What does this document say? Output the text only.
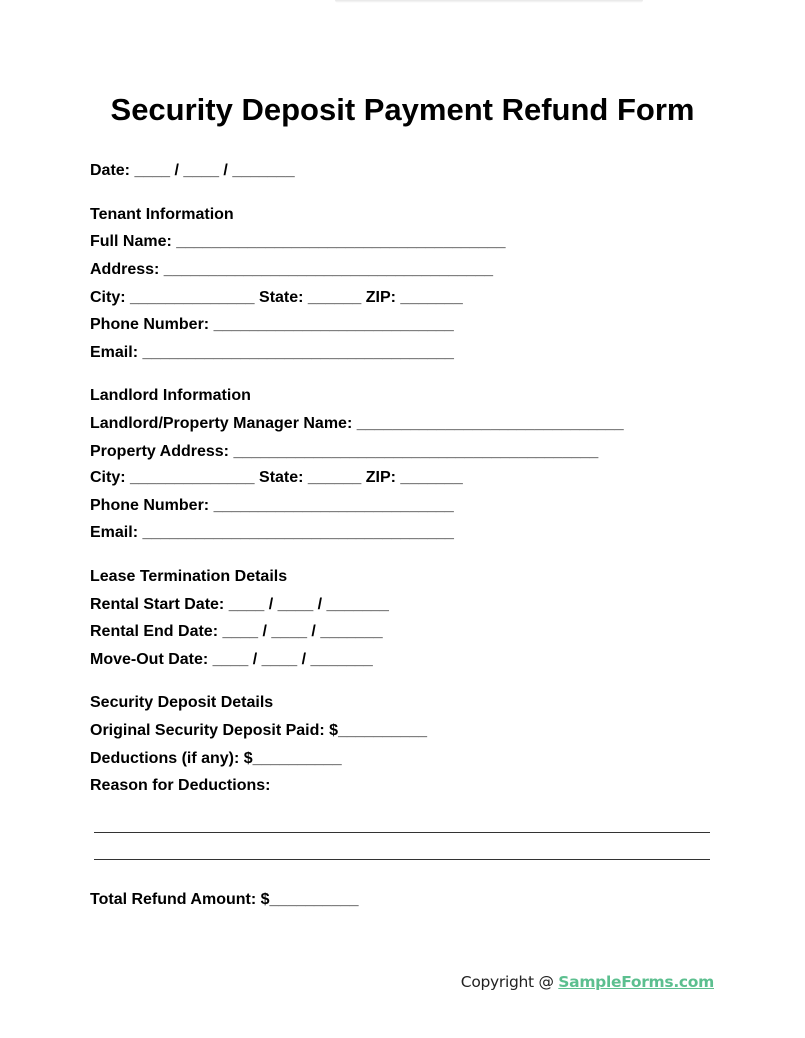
Security Deposit Payment Refund Form
Date: ____ / ____ / _______
Tenant Information
Full Name: _____________________________________
Address: _____________________________________
City: ______________ State: ______ ZIP: _______
Phone Number: ___________________________
Email: ___________________________________
Landlord Information
Landlord/Property Manager Name: ______________________________
Property Address: _________________________________________
City: ______________ State: ______ ZIP: _______
Phone Number: ___________________________
Email: ___________________________________
Lease Termination Details
Rental Start Date: ____ / ____ / _______
Rental End Date: ____ / ____ / _______
Move-Out Date: ____ / ____ / _______
Security Deposit Details
Original Security Deposit Paid: $__________
Deductions (if any): $__________
Reason for Deductions:
Total Refund Amount: $__________
Copyright @ SampleForms.com
